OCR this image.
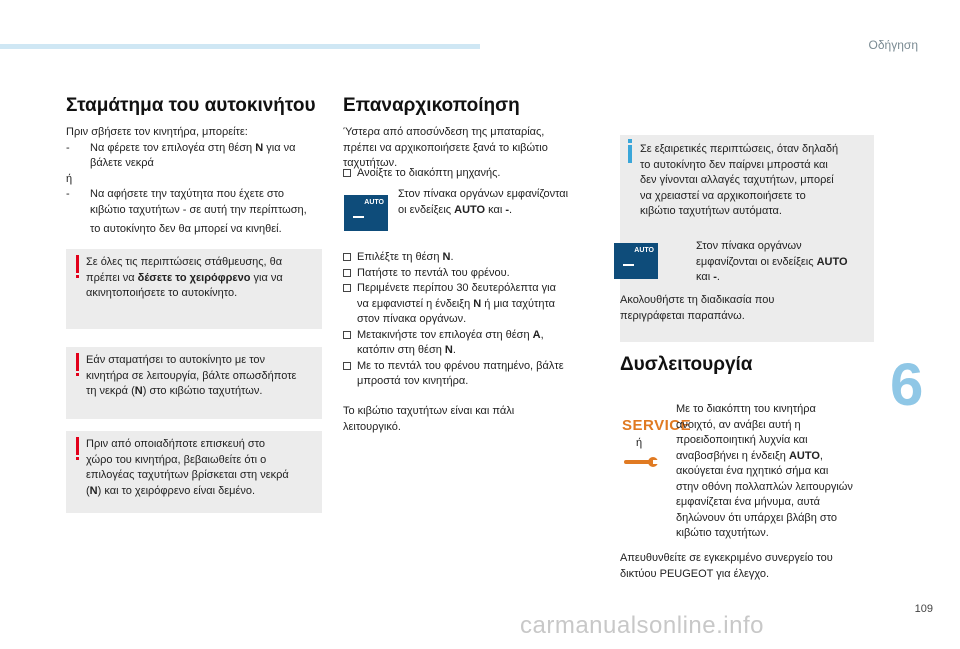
Οδήγηση
Σταμάτημα του αυτοκινήτου
Πριν σβήσετε τον κινητήρα, μπορείτε:
- Να φέρετε τον επιλογέα στη θέση N για να
βάλετε νεκρά
ή
- Να αφήσετε την ταχύτητα που έχετε στο
κιβώτιο ταχυτήτων - σε αυτή την περίπτωση,

το αυτοκίνητο δεν θα μπορεί να κινηθεί.
Σε όλες τις περιπτώσεις στάθμευσης, θα
πρέπει να δέσετε το χειρόφρενο για να
ακινητοποιήσετε το αυτοκίνητο.
Εάν σταματήσει το αυτοκίνητο με τον
κινητήρα σε λειτουργία, βάλτε οπωσδήποτε
τη νεκρά (N) στο κιβώτιο ταχυτήτων.
Πριν από οποιαδήποτε επισκευή στο
χώρο του κινητήρα, βεβαιωθείτε ότι ο
επιλογέας ταχυτήτων βρίσκεται στη νεκρά
(N) και το χειρόφρενο είναι δεμένο.
Επαναρχικοποίηση
Ύστερα από αποσύνδεση της μπαταρίας,
πρέπει να αρχικοποιήσετε ξανά το κιβώτιο
ταχυτήτων.
Ανοίξτε το διακόπτη μηχανής.
AUTO
Στον πίνακα οργάνων εμφανίζονται
οι ενδείξεις AUTO και -.
Επιλέξτε τη θέση N.
Πατήστε το πεντάλ του φρένου.
Περιμένετε περίπου 30 δευτερόλεπτα για
να εμφανιστεί η ένδειξη N ή μια ταχύτητα
στον πίνακα οργάνων.
Μετακινήστε τον επιλογέα στη θέση A,
κατόπιν στη θέση N.
Με το πεντάλ του φρένου πατημένο, βάλτε
μπροστά τον κινητήρα.
Το κιβώτιο ταχυτήτων είναι και πάλι
λειτουργικό.
Σε εξαιρετικές περιπτώσεις, όταν δηλαδή
το αυτοκίνητο δεν παίρνει μπροστά και
δεν γίνονται αλλαγές ταχυτήτων, μπορεί
να χρειαστεί να αρχικοποιήσετε το
κιβώτιο ταχυτήτων αυτόματα.
AUTO	Στον πίνακα οργάνων
εμφανίζονται οι ενδείξεις AUTO
και -.
Ακολουθήστε τη διαδικασία που
περιγράφεται παραπάνω.
Δυσλειτουργία
SERVICE
ή
Με το διακόπτη του κινητήρα
ανοιχτό, αν ανάβει αυτή η
προειδοποιητική λυχνία και
αναβοσβήνει η ένδειξη AUTO,
ακούγεται ένα ηχητικό σήμα και
στην οθόνη πολλαπλών λειτουργιών
εμφανίζεται ένα μήνυμα, αυτά
δηλώνουν ότι υπάρχει βλάβη στο
κιβώτιο ταχυτήτων.
Απευθυνθείτε σε εγκεκριμένο συνεργείο του
δικτύου PEUGEOT για έλεγχο.
6
109
carmanualsonline.info
